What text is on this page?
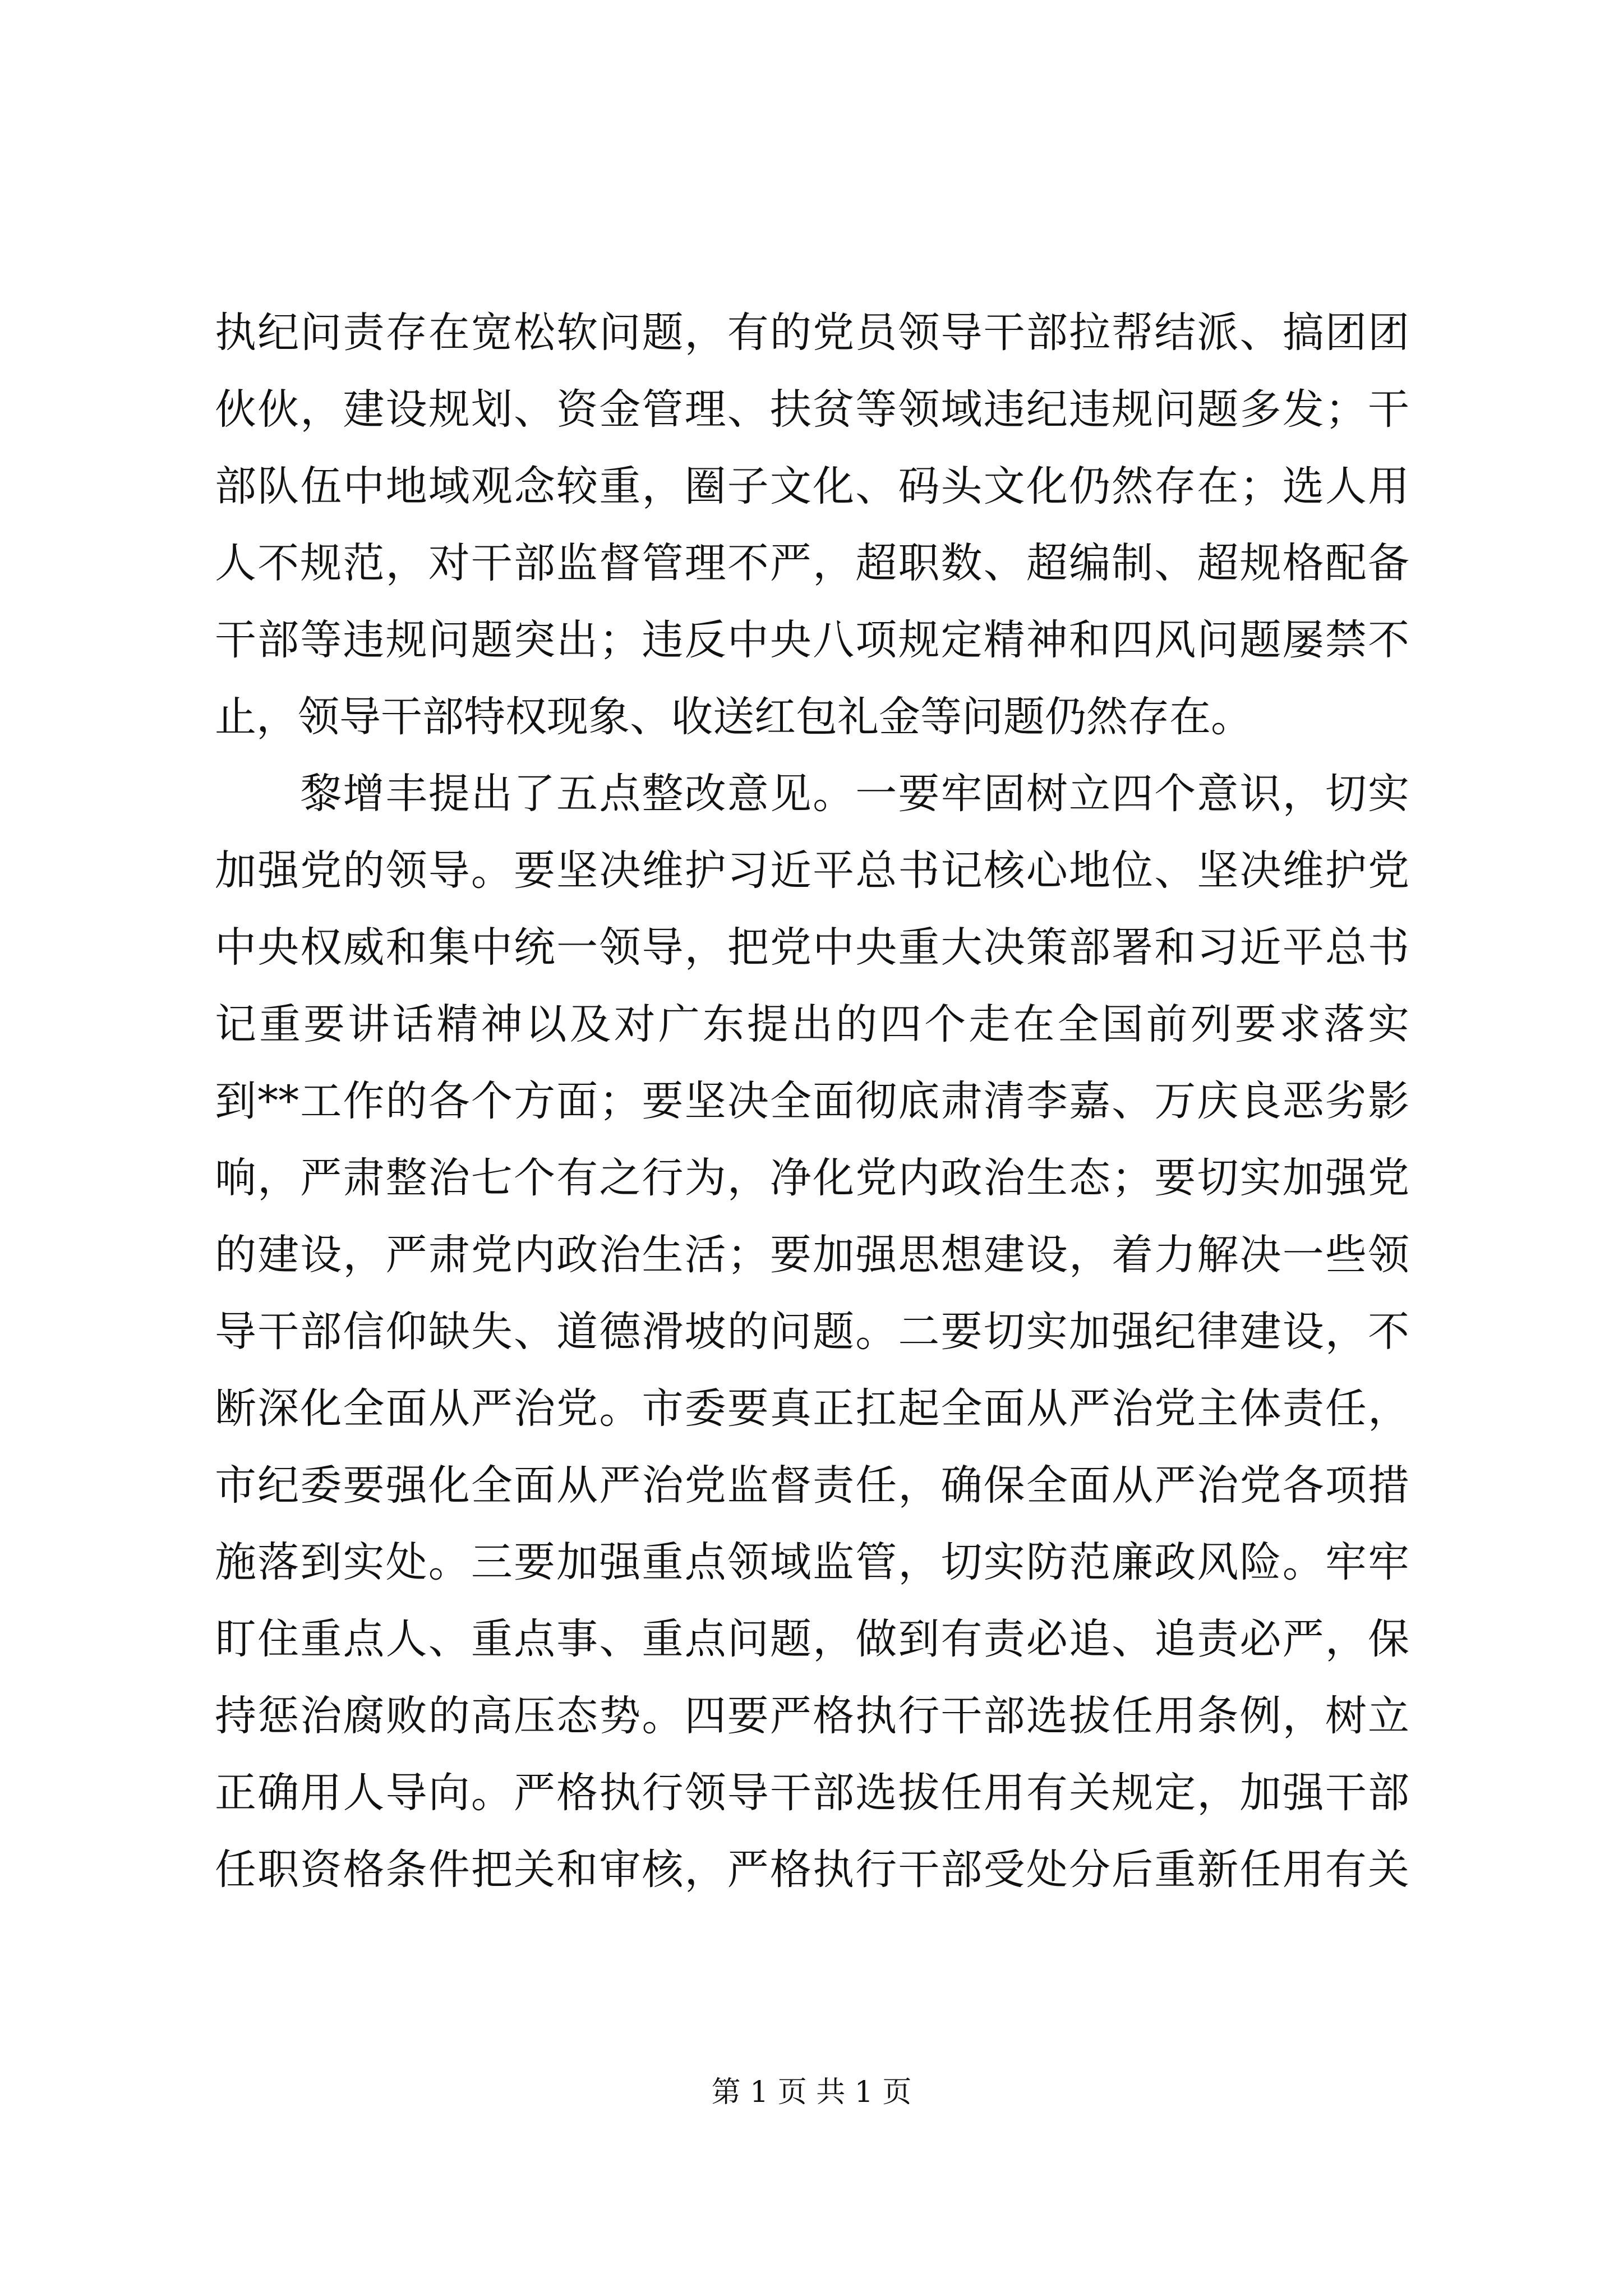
执纪问责存在宽松软问题，有的党员领导干部拉帮结派、搞团团
伙伙，建设规划、资金管理、扶贫等领域违纪违规问题多发；干
部队伍中地域观念较重，圈子文化、码头文化仍然存在；选人用
人不规范，对干部监督管理不严，超职数、超编制、超规格配备
干部等违规问题突出；违反中央八项规定精神和四风问题屡禁不
止，领导干部特权现象、收送红包礼金等问题仍然存在。
　　黎增丰提出了五点整改意见。一要牢固树立四个意识，切实
加强党的领导。要坚决维护习近平总书记核心地位、坚决维护党
中央权威和集中统一领导，把党中央重大决策部署和习近平总书
记重要讲话精神以及对广东提出的四个走在全国前列要求落实
到**工作的各个方面；要坚决全面彻底肃清李嘉、万庆良恶劣影
响，严肃整治七个有之行为，净化党内政治生态；要切实加强党
的建设，严肃党内政治生活；要加强思想建设，着力解决一些领
导干部信仰缺失、道德滑坡的问题。二要切实加强纪律建设，不
断深化全面从严治党。市委要真正扛起全面从严治党主体责任，
市纪委要强化全面从严治党监督责任，确保全面从严治党各项措
施落到实处。三要加强重点领域监管，切实防范廉政风险。牢牢
盯住重点人、重点事、重点问题，做到有责必追、追责必严，保
持惩治腐败的高压态势。四要严格执行干部选拔任用条例，树立
正确用人导向。严格执行领导干部选拔任用有关规定，加强干部
任职资格条件把关和审核，严格执行干部受处分后重新任用有关
第 1 页 共 1 页
